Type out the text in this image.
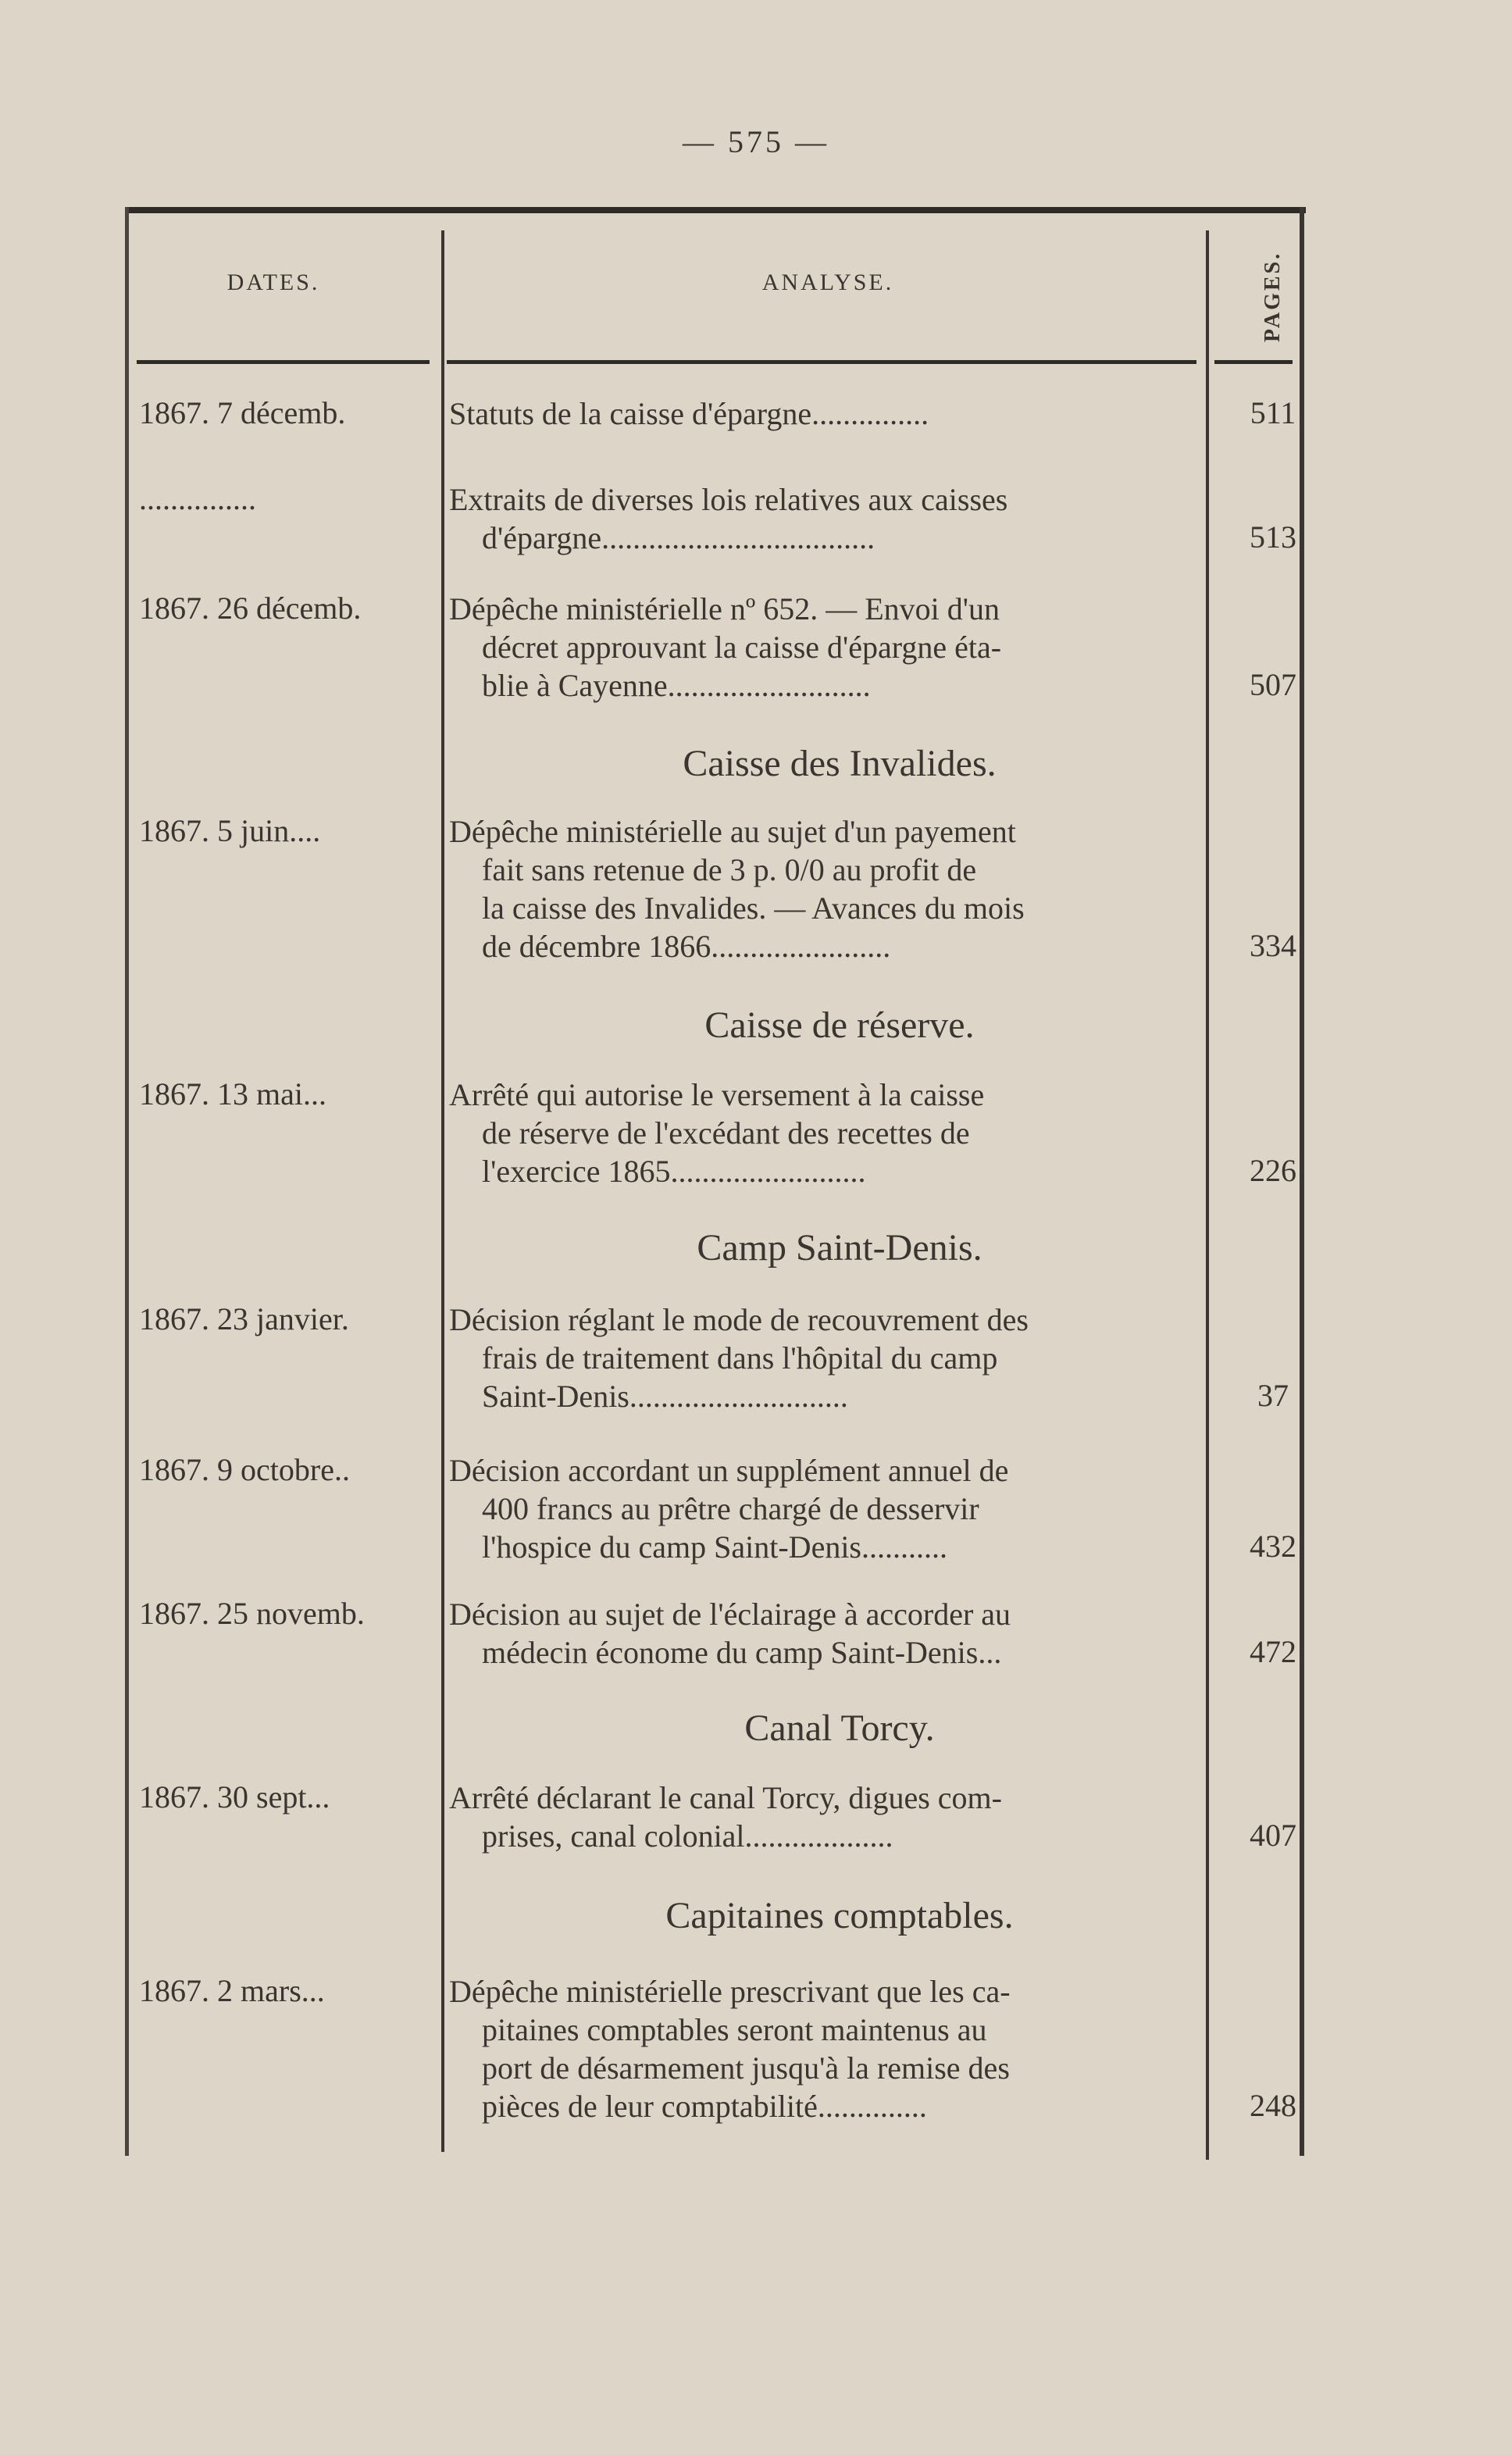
— 575 —
DATES.	ANALYSE.	PAGES.
1867. 7 décemb.	Statuts de la caisse d'épargne...............	511
...............	Extraits de diverses lois relatives aux caisses
d'épargne...................................	513
1867. 26 décemb.	Dépêche ministérielle nº 652. — Envoi d'un
décret approuvant la caisse d'épargne éta-
blie à Cayenne..........................	507
Caisse des Invalides.
1867. 5 juin....	Dépêche ministérielle au sujet d'un payement
fait sans retenue de 3 p. 0/0 au profit de
la caisse des Invalides. — Avances du mois
de décembre 1866.......................	334
Caisse de réserve.
1867. 13 mai...	Arrêté qui autorise le versement à la caisse
de réserve de l'excédant des recettes de
l'exercice 1865.........................	226
Camp Saint-Denis.
1867. 23 janvier.	Décision réglant le mode de recouvrement des
frais de traitement dans l'hôpital du camp
Saint-Denis............................	37
1867. 9 octobre..	Décision accordant un supplément annuel de
400 francs au prêtre chargé de desservir
l'hospice du camp Saint-Denis...........	432
1867. 25 novemb.	Décision au sujet de l'éclairage à accorder au
médecin économe du camp Saint-Denis...	472
Canal Torcy.
1867. 30 sept...	Arrêté déclarant le canal Torcy, digues com-
prises, canal colonial...................	407
Capitaines comptables.
1867. 2 mars...	Dépêche ministérielle prescrivant que les ca-
pitaines comptables seront maintenus au
port de désarmement jusqu'à la remise des
pièces de leur comptabilité..............	248
